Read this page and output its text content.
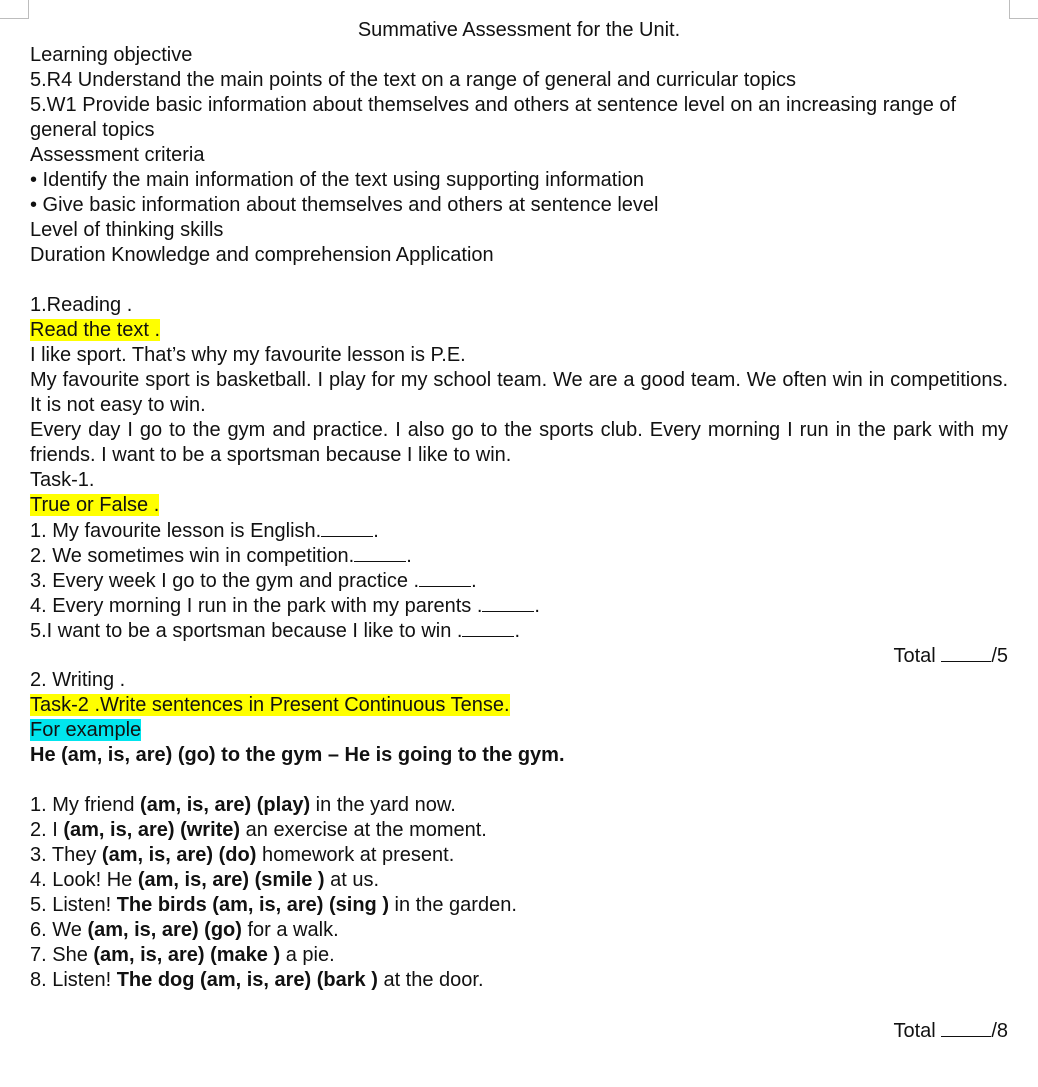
Summative Assessment for the Unit.
Learning objective
5.R4 Understand the main points of the text on a range of general and curricular topics
5.W1 Provide basic information about themselves and others at sentence level on an increasing range of general topics
Assessment criteria
• Identify the main information of the text using supporting information
• Give basic information about themselves and others at sentence level
Level of thinking skills
Duration Knowledge and comprehension Application
1.Reading .
Read the text .
I like sport. That’s why my favourite lesson is P.E.
My favourite sport is basketball. I play for my school team. We are a good team. We often win in competitions. It is not easy to win.
Every day I go to the gym and practice. I also go to the sports club. Every morning I run in the park with my friends. I want to be a sportsman because I like to win.
Task-1.
True or False .
1. My favourite lesson is English.	.
2. We sometimes win in competition.	.
3. Every week I go to the gym and practice .	.
4. Every morning I run in the park with my parents .	.
5.I want to be a sportsman because I like to win .	.
Total	/5
2. Writing .
Task-2 .Write sentences in Present Continuous Tense.
For example
He (am, is, are) (go) to the gym – He is going to the gym.
1. My friend (am, is, are) (play) in the yard now.
2. I (am, is, are) (write) an exercise at the moment.
3. They (am, is, are) (do) homework at present.
4. Look! He (am, is, are) (smile ) at us.
5. Listen! The birds (am, is, are) (sing ) in the garden.
6. We (am, is, are) (go) for a walk.
7. She (am, is, are) (make ) a pie.
8. Listen! The dog (am, is, are) (bark ) at the door.
Total	/8
